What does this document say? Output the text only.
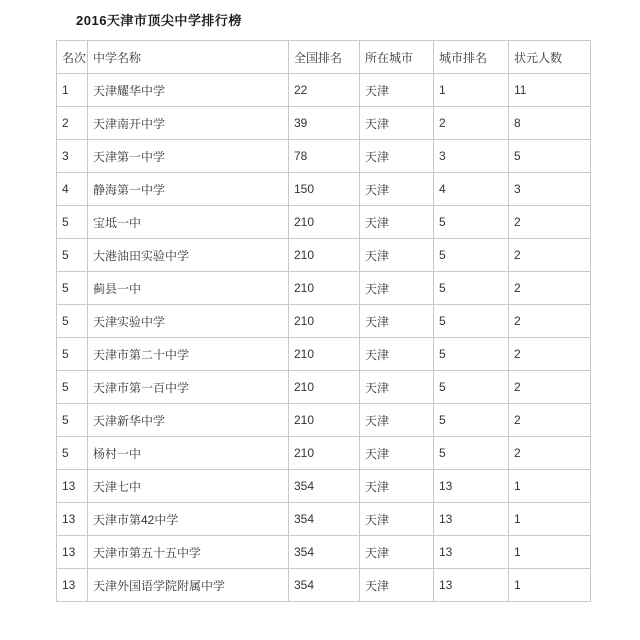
2016天津市顶尖中学排行榜
名次	中学名称	全国排名	所在城市	城市排名	状元人数
1	天津耀华中学	22	天津	1	11
2	天津南开中学	39	天津	2	8
3	天津第一中学	78	天津	3	5
4	静海第一中学	150	天津	4	3
5	宝坻一中	210	天津	5	2
5	大港油田实验中学	210	天津	5	2
5	蓟县一中	210	天津	5	2
5	天津实验中学	210	天津	5	2
5	天津市第二十中学	210	天津	5	2
5	天津市第一百中学	210	天津	5	2
5	天津新华中学	210	天津	5	2
5	杨村一中	210	天津	5	2
13	天津七中	354	天津	13	1
13	天津市第42中学	354	天津	13	1
13	天津市第五十五中学	354	天津	13	1
13	天津外国语学院附属中学	354	天津	13	1
